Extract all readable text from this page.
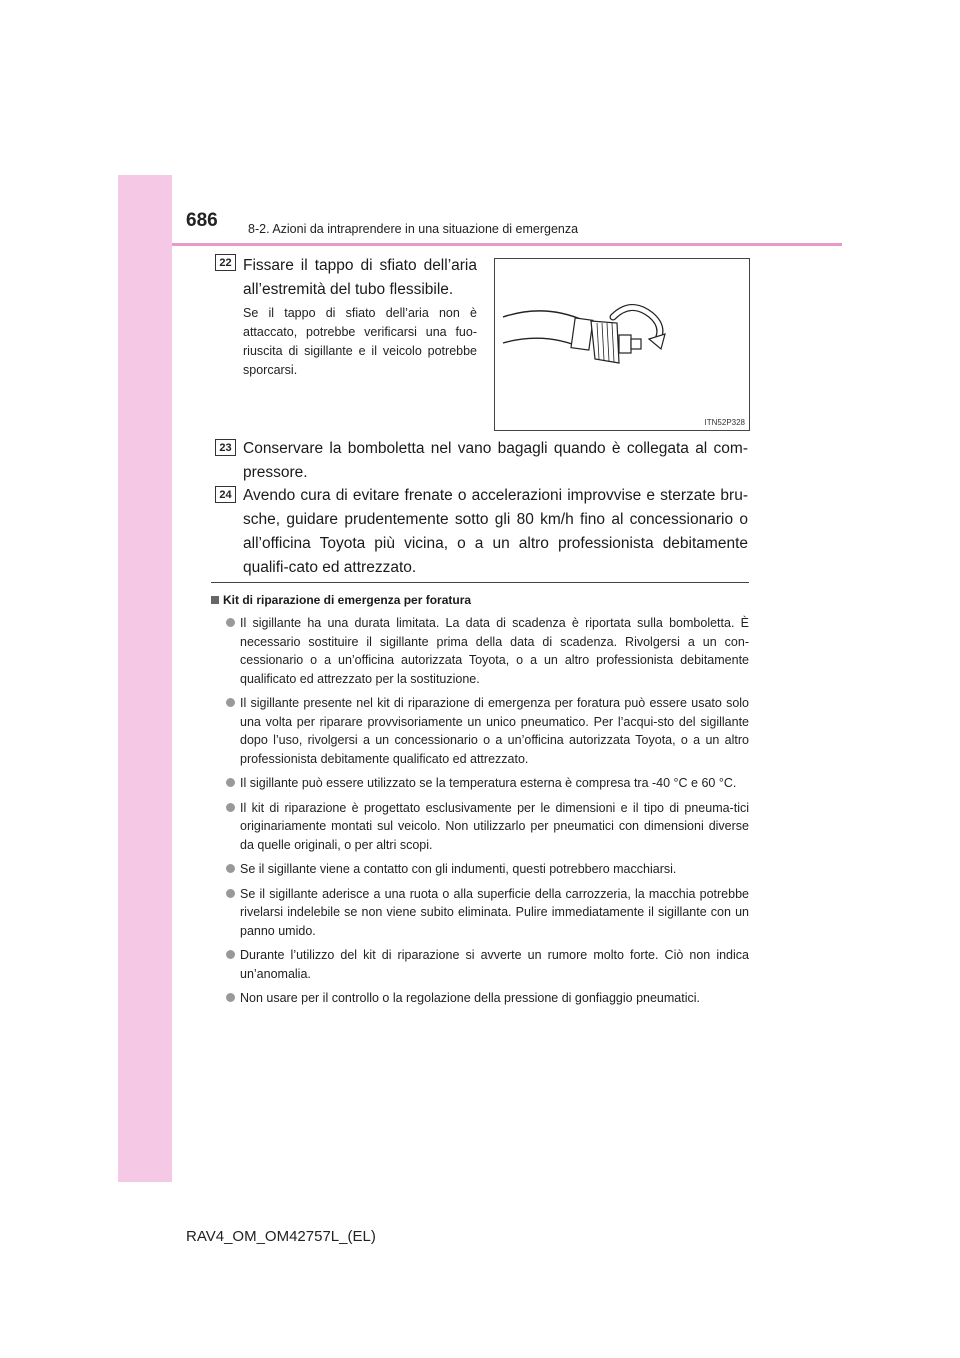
686 8-2. Azioni da intraprendere in una situazione di emergenza
22 Fissare il tappo di sfiato dell’aria all’estremità del tubo flessibile.
Se il tappo di sfiato dell’aria non è attaccato, potrebbe verificarsi una fuo-riuscita di sigillante e il veicolo potrebbe sporcarsi.
ITN52P328
23 Conservare la bomboletta nel vano bagagli quando è collegata al com-pressore.
24 Avendo cura di evitare frenate o accelerazioni improvvise e sterzate bru-sche, guidare prudentemente sotto gli 80 km/h fino al concessionario o all’officina Toyota più vicina, o a un altro professionista debitamente qualifi-cato ed attrezzato.
Kit di riparazione di emergenza per foratura
Il sigillante ha una durata limitata. La data di scadenza è riportata sulla bomboletta. È necessario sostituire il sigillante prima della data di scadenza. Rivolgersi a un con-cessionario o a un’officina autorizzata Toyota, o a un altro professionista debitamente qualificato ed attrezzato per la sostituzione.
Il sigillante presente nel kit di riparazione di emergenza per foratura può essere usato solo una volta per riparare provvisoriamente un unico pneumatico. Per l’acqui-sto del sigillante dopo l’uso, rivolgersi a un concessionario o a un’officina autorizzata Toyota, o a un altro professionista debitamente qualificato ed attrezzato.
Il sigillante può essere utilizzato se la temperatura esterna è compresa tra -40 °C e 60 °C.
Il kit di riparazione è progettato esclusivamente per le dimensioni e il tipo di pneuma-tici originariamente montati sul veicolo. Non utilizzarlo per pneumatici con dimensioni diverse da quelle originali, o per altri scopi.
Se il sigillante viene a contatto con gli indumenti, questi potrebbero macchiarsi.
Se il sigillante aderisce a una ruota o alla superficie della carrozzeria, la macchia potrebbe rivelarsi indelebile se non viene subito eliminata. Pulire immediatamente il sigillante con un panno umido.
Durante l’utilizzo del kit di riparazione si avverte un rumore molto forte. Ciò non indica un’anomalia.
Non usare per il controllo o la regolazione della pressione di gonfiaggio pneumatici.
RAV4_OM_OM42757L_(EL)
